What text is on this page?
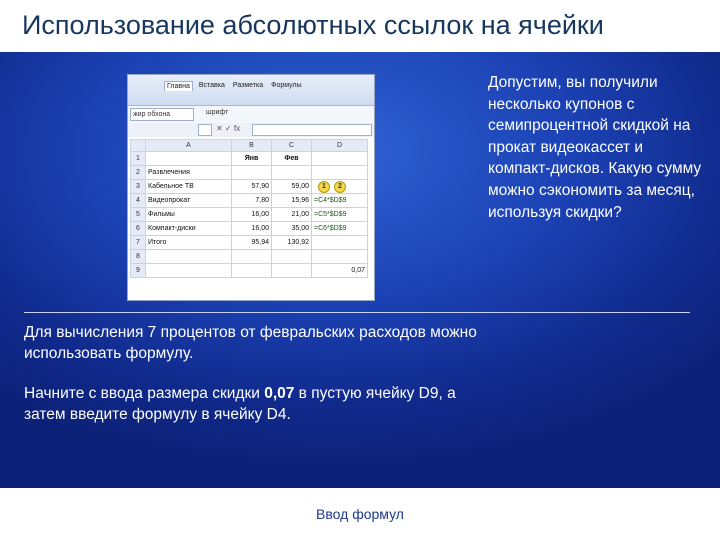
Использование абсолютных ссылок на ячейки
Главна	Вставка Разметка Формулы
жир обхона	шрифт
✕ ✓ fx
	A	B	C	D
1		Янв	Фев	
2	Развлечения			
3	Кабельное ТВ	57,90	59,00	1 2
4	Видеопрокат	7,80	15,96	=C4*$D$9
5	Фильмы	16,00	21,00	=C5*$D$9
6	Компакт-диски	16,00	35,00	=C6*$D$9
7	Итого	95,94	130,92	
8				
9				0,07
Допустим, вы получили несколько купонов с семипроцентной скидкой на прокат видеокассет и компакт-дисков. Какую сумму можно сэкономить за месяц, используя скидки?
Для вычисления 7 процентов от февральских расходов можно использовать формулу.
Начните с ввода размера скидки 0,07 в пустую ячейку D9, а затем введите формулу в ячейку D4.
Ввод формул
